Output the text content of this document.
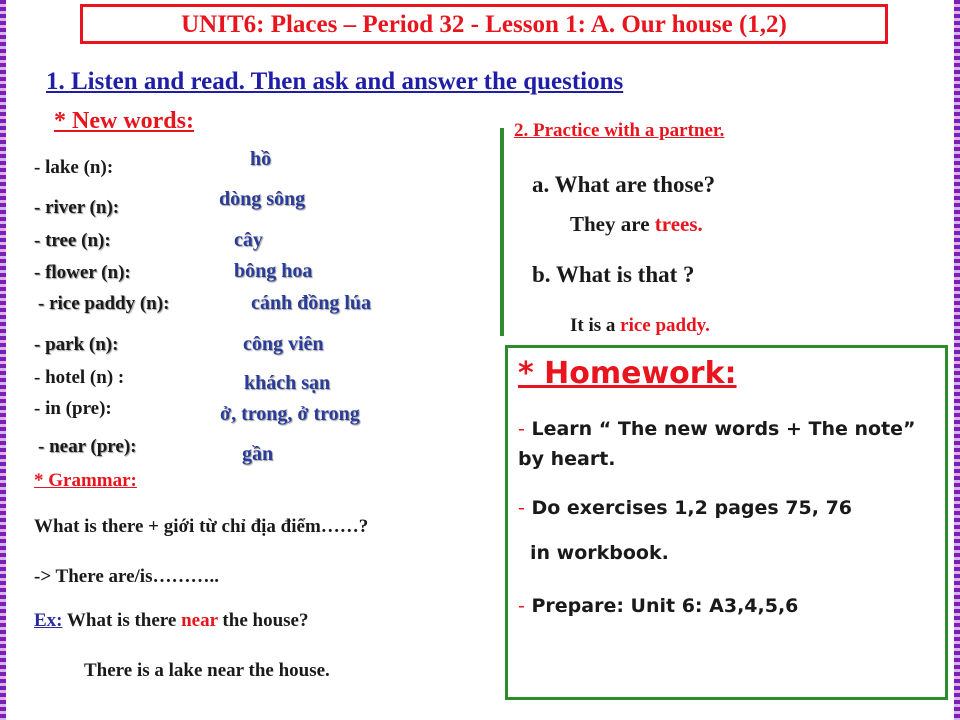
UNIT6: Places – Period 32 - Lesson 1: A. Our house (1,2)
1. Listen and read. Then ask and answer the questions
* New words:
- lake (n):
- river (n):
- tree (n):
- flower (n):
- rice paddy (n):
- park (n):
- hotel (n) :
- in (pre):
- near (pre):
hồ
dòng sông
cây
bông hoa
cánh đồng lúa
công viên
khách sạn
ở, trong, ở trong
gần
* Grammar:
What is there + giới từ chỉ địa điểm……?
-> There are/is………..
Ex: What is there near the house?
There is a lake near the house.
2. Practice with a partner.
a. What are those?
They are trees.
b. What is that ?
It is a rice paddy.
* Homework:
- Learn “ The new words + The note” by heart.
- Do exercises 1,2 pages 75, 76
in workbook.
- Prepare: Unit 6: A3,4,5,6
